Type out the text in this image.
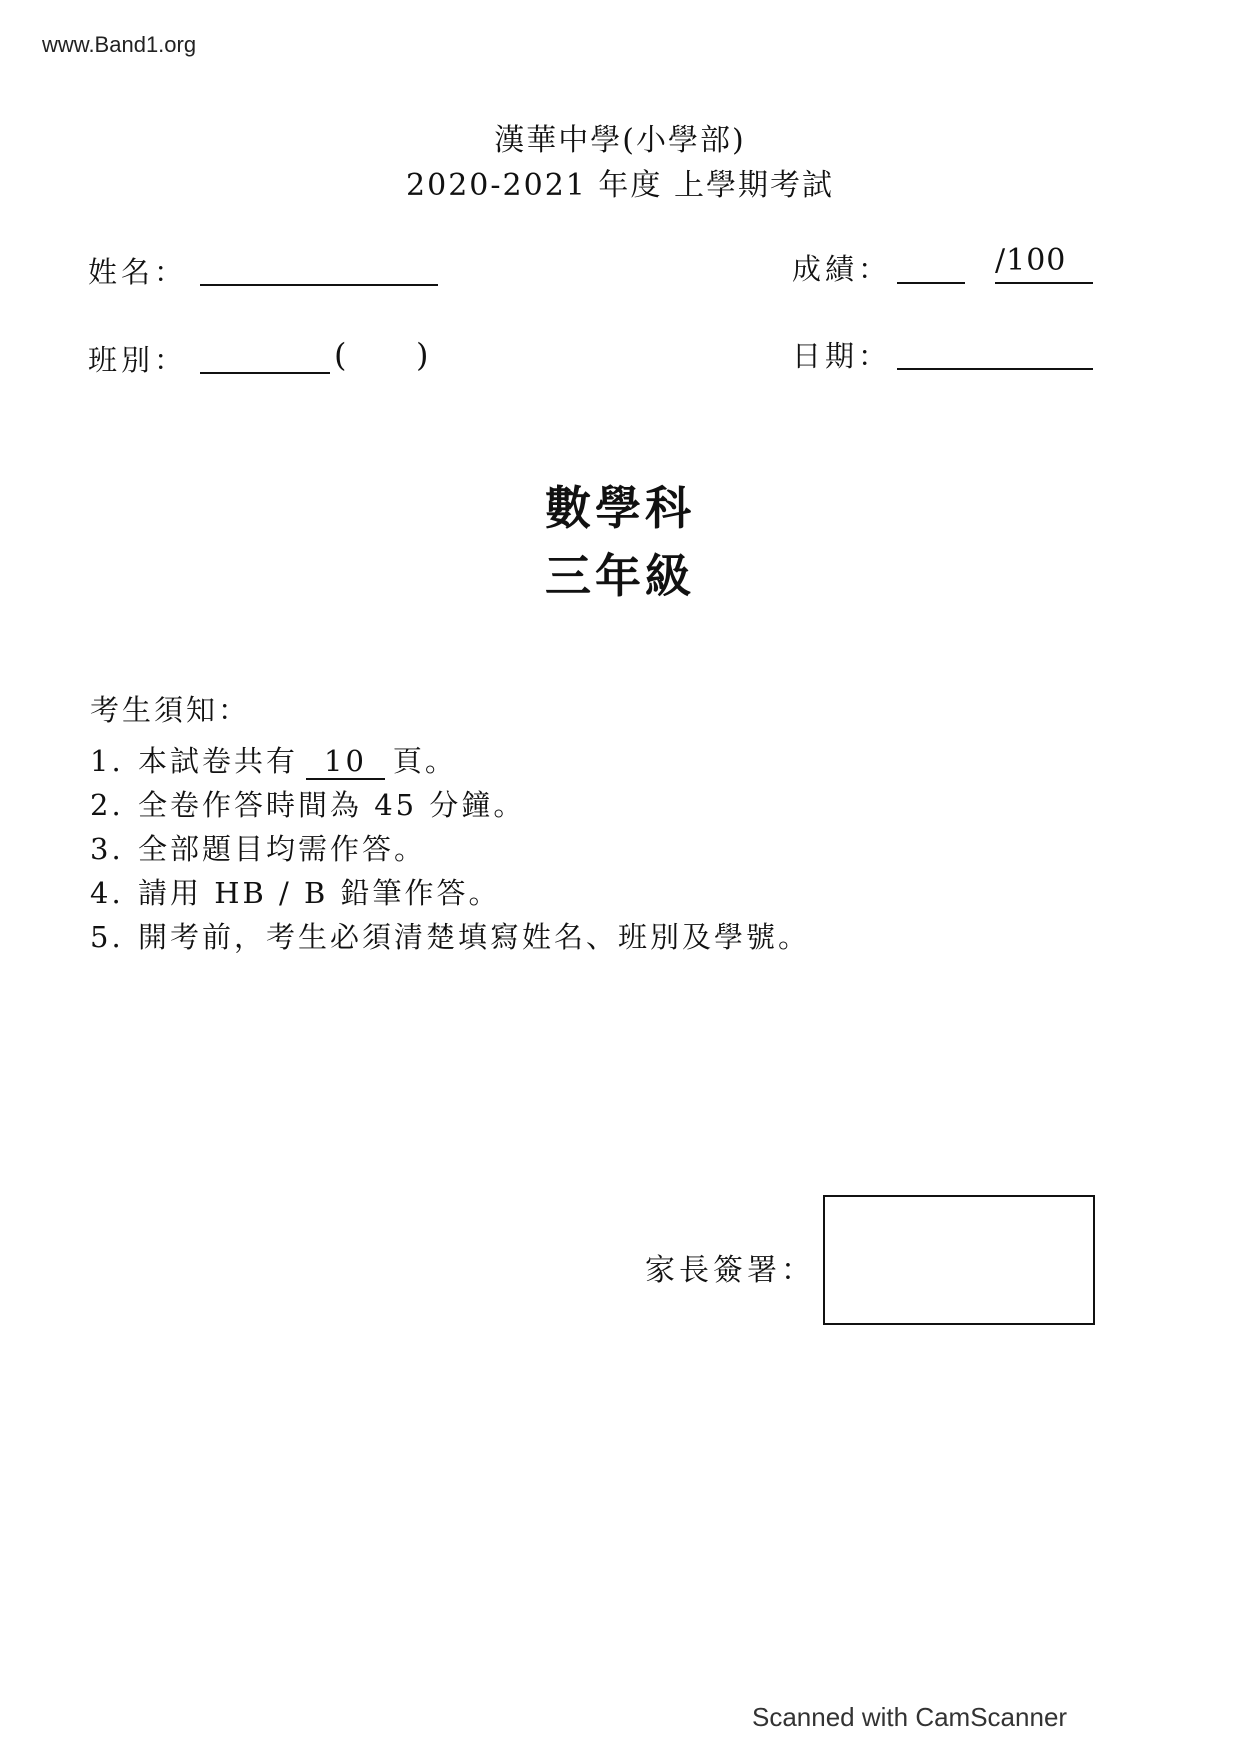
www.Band1.org
漢華中學(小學部)
2020-2021 年度 上學期考試
姓名：	成績：	/100
班別：	( )	日期：
數學科
三年級
考生須知：
1. 本試卷共有 10 頁。
2. 全卷作答時間為 45 分鐘。
3. 全部題目均需作答。
4. 請用 HB / B 鉛筆作答。
5. 開考前，考生必須清楚填寫姓名、班別及學號。
家長簽署：
Scanned with CamScanner
